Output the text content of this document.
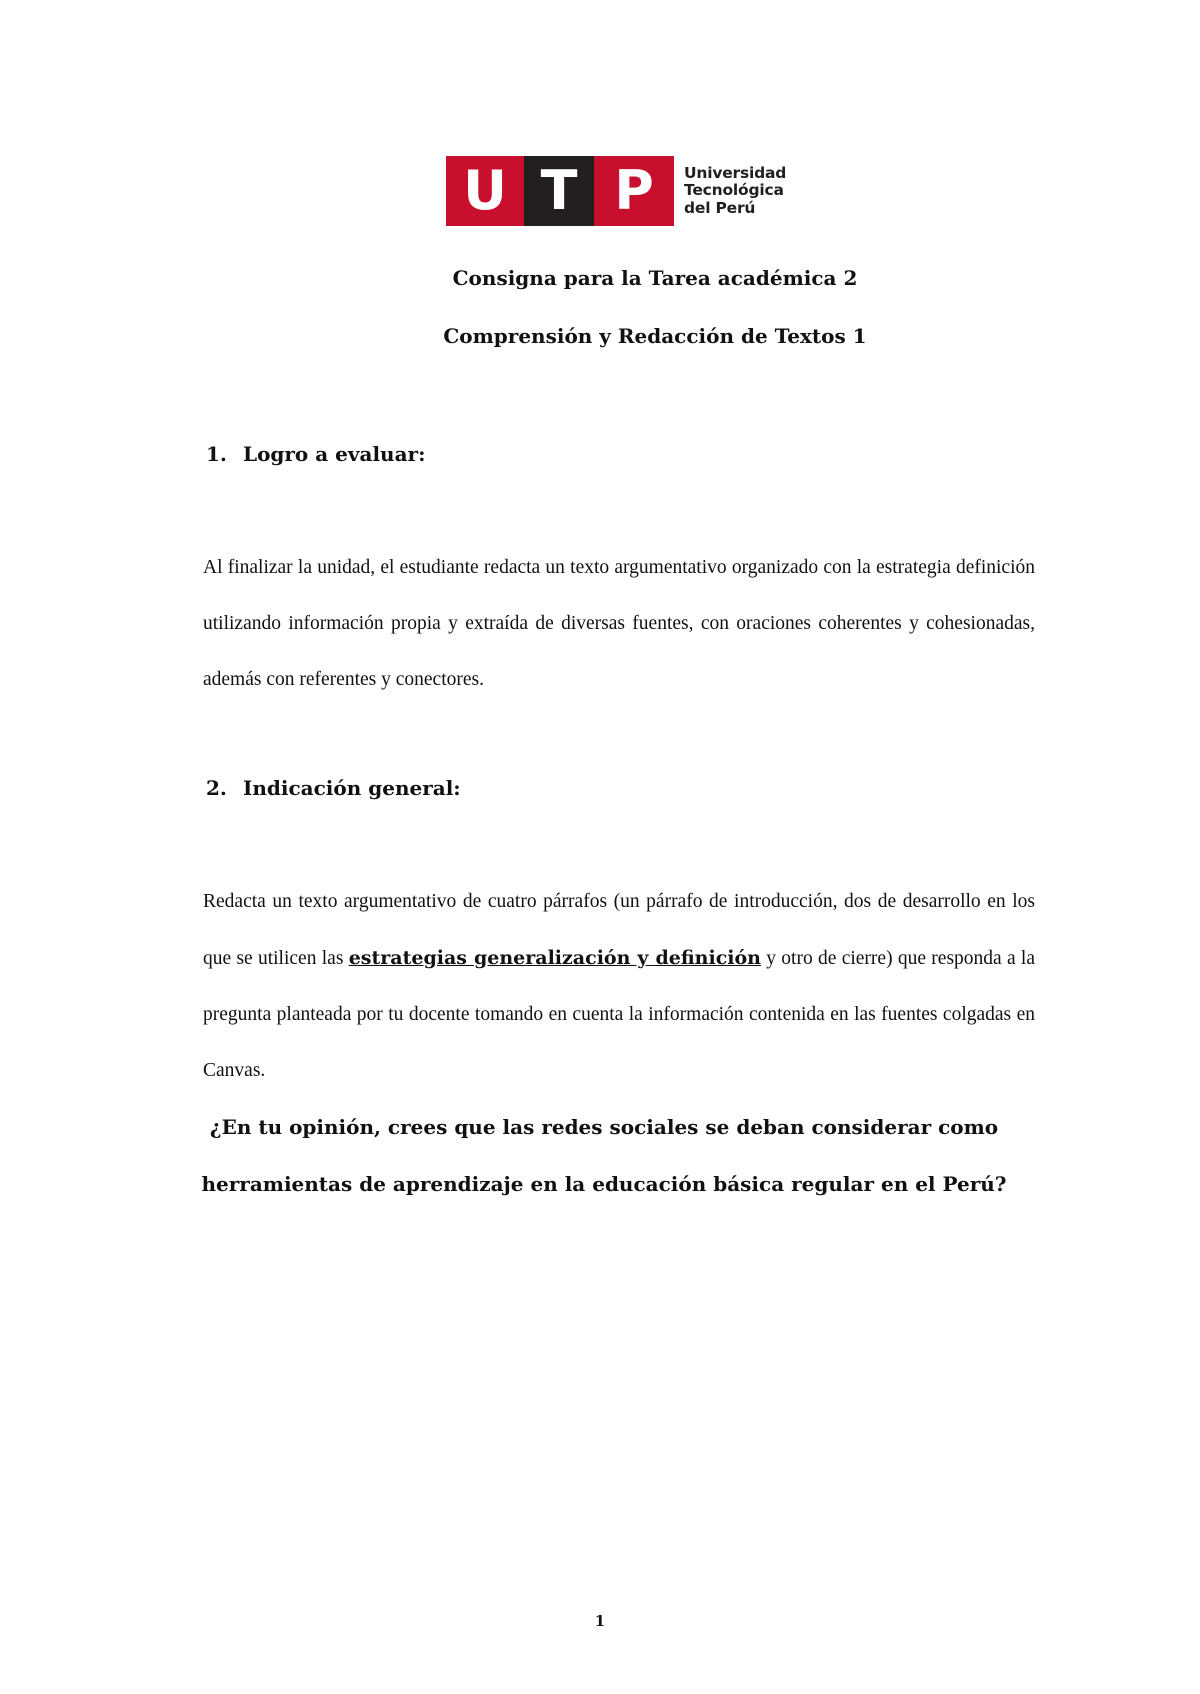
U T P	Universidad
Tecnológica
del Perú
Consigna para la Tarea académica 2
Comprensión y Redacción de Textos 1
1. Logro a evaluar:
Al finalizar la unidad, el estudiante redacta un texto argumentativo organizado con la estrategia definición utilizando información propia y extraída de diversas fuentes, con oraciones coherentes y cohesionadas, además con referentes y conectores.
2. Indicación general:
Redacta un texto argumentativo de cuatro párrafos (un párrafo de introducción, dos de desarrollo en los que se utilicen las estrategias generalización y definición y otro de cierre) que responda a la pregunta planteada por tu docente tomando en cuenta la información contenida en las fuentes colgadas en Canvas.
¿En tu opinión, crees que las redes sociales se deban considerar como herramientas de aprendizaje en la educación básica regular en el Perú?
1
